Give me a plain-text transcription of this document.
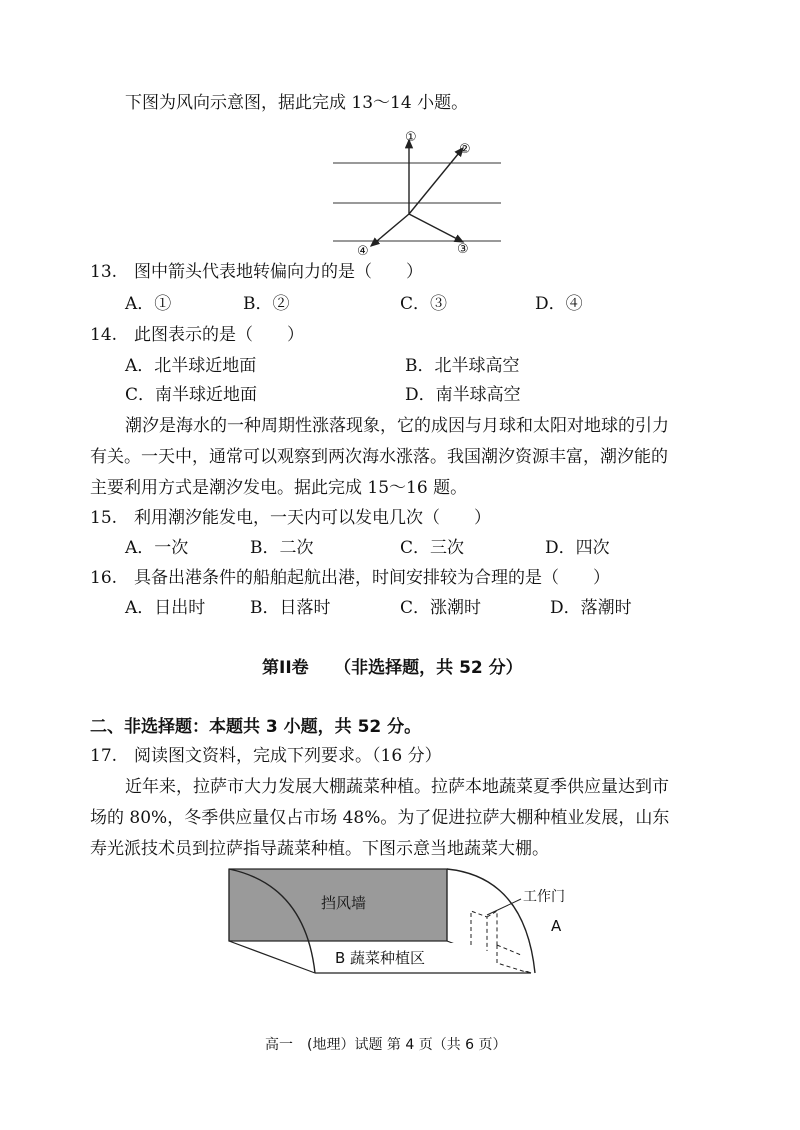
下图为风向示意图，据此完成 13～14 小题。
①
②
③
④
13.　图中箭头代表地转偏向力的是（　　）
A．①	B．②	C．③	D．④
14.　此图表示的是（　　）
A．北半球近地面	B．北半球高空
C．南半球近地面	D．南半球高空
潮汐是海水的一种周期性涨落现象，它的成因与月球和太阳对地球的引力
有关。一天中，通常可以观察到两次海水涨落。我国潮汐资源丰富，潮汐能的
主要利用方式是潮汐发电。据此完成 15～16 题。
15.　利用潮汐能发电，一天内可以发电几次（　　）
A．一次	B．二次	C．三次	D．四次
16.　具备出港条件的船舶起航出港，时间安排较为合理的是（　　）
A．日出时	B．日落时	C．涨潮时	D．落潮时
第II卷　　（非选择题，共 52 分）
二、非选择题：本题共 3 小题，共 52 分。
17.　阅读图文资料，完成下列要求。（16 分）
近年来，拉萨市大力发展大棚蔬菜种植。拉萨本地蔬菜夏季供应量达到市
场的 80%，冬季供应量仅占市场 48%。为了促进拉萨大棚种植业发展，山东
寿光派技术员到拉萨指导蔬菜种植。下图示意当地蔬菜大棚。
挡风墙
B 蔬菜种植区
工作门
A
高一　(地理）试题 第 4 页（共 6 页）
